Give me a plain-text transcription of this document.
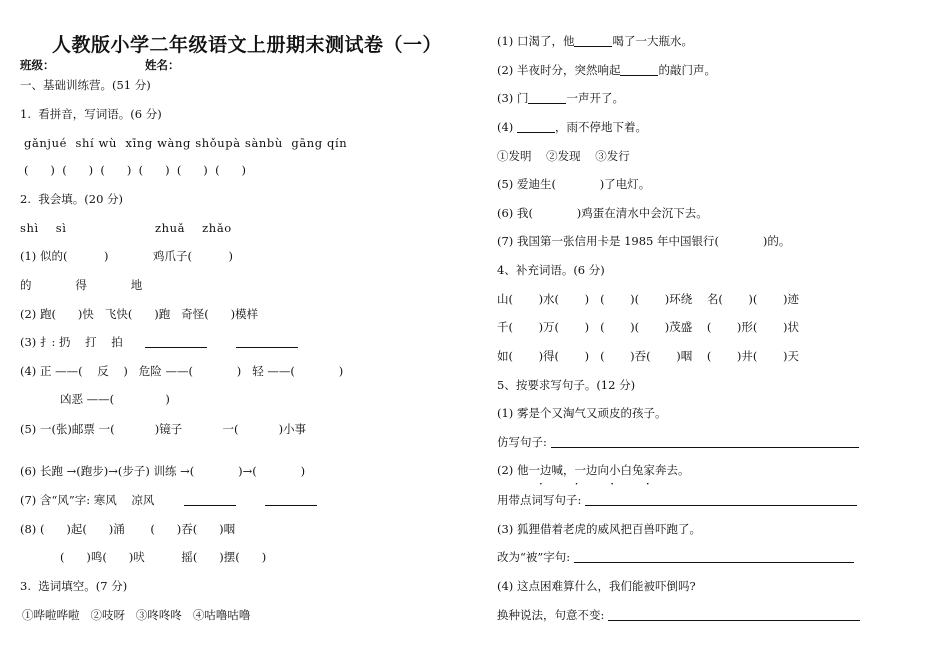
人教版小学二年级语文上册期末测试卷（一）
班级：	姓名：
一、基础训练营。(51 分)
1.  看拼音，写词语。(6 分)
gǎnjué  shí wù  xīng wàng shǒupà sànbù  gāng qín
(      )  (      )  (      )  (      )  (      )  (      )
2.  我会填。(20 分)
shì    sì	zhuǎ    zhǎo
(1) 似的(          )	鸡爪子(          )
的            得            地
(2) 跑(      )快   飞快(      )跑   奇怪(      )模样
(3) 扌: 扔    打    拍
(4) 正 ——(    反    )   危险 ——(            )   轻 ——(            )
凶恶 ——(              )
(5) 一(张)邮票 一(           )镜子           一(           )小事
(6) 长跑 →(跑步)→(步子) 训练 →(            )→(            )
(7) 含“风”字: 寒风    凉风
(8) (      )起(      )涌       (      )吞(      )咽
(      )鸣(      )吠          摇(      )摆(      )
3.  选词填空。(7 分)
①哗啦哗啦   ②吱呀   ③咚咚咚   ④咕噜咕噜
(1) 口渴了，他	喝了一大瓶水。
(2) 半夜时分，突然响起	的敲门声。
(3) 门	一声开了。
(4)	，雨不停地下着。
①发明    ②发现    ③发行
(5) 爱迪生(            )了电灯。
(6) 我(            )鸡蛋在清水中会沉下去。
(7) 我国第一张信用卡是 1985 年中国银行(            )的。
4、补充词语。(6 分)
山(       )水(       )   (       )(       )环绕    名(       )(       )迹
千(       )万(       )   (       )(       )茂盛    (       )形(       )状
如(       )得(       )   (       )吞(       )咽    (       )井(       )天
5、按要求写句子。(12 分)
(1) 雾是个又淘气又顽皮的孩子。
仿写句子:
(2) 他一边喊，一边向小白兔家奔去。
· · · ·
用带点词写句子:
(3) 狐狸借着老虎的威风把百兽吓跑了。
改为“被”字句:
(4) 这点困难算什么，我们能被吓倒吗?
换种说法，句意不变:
